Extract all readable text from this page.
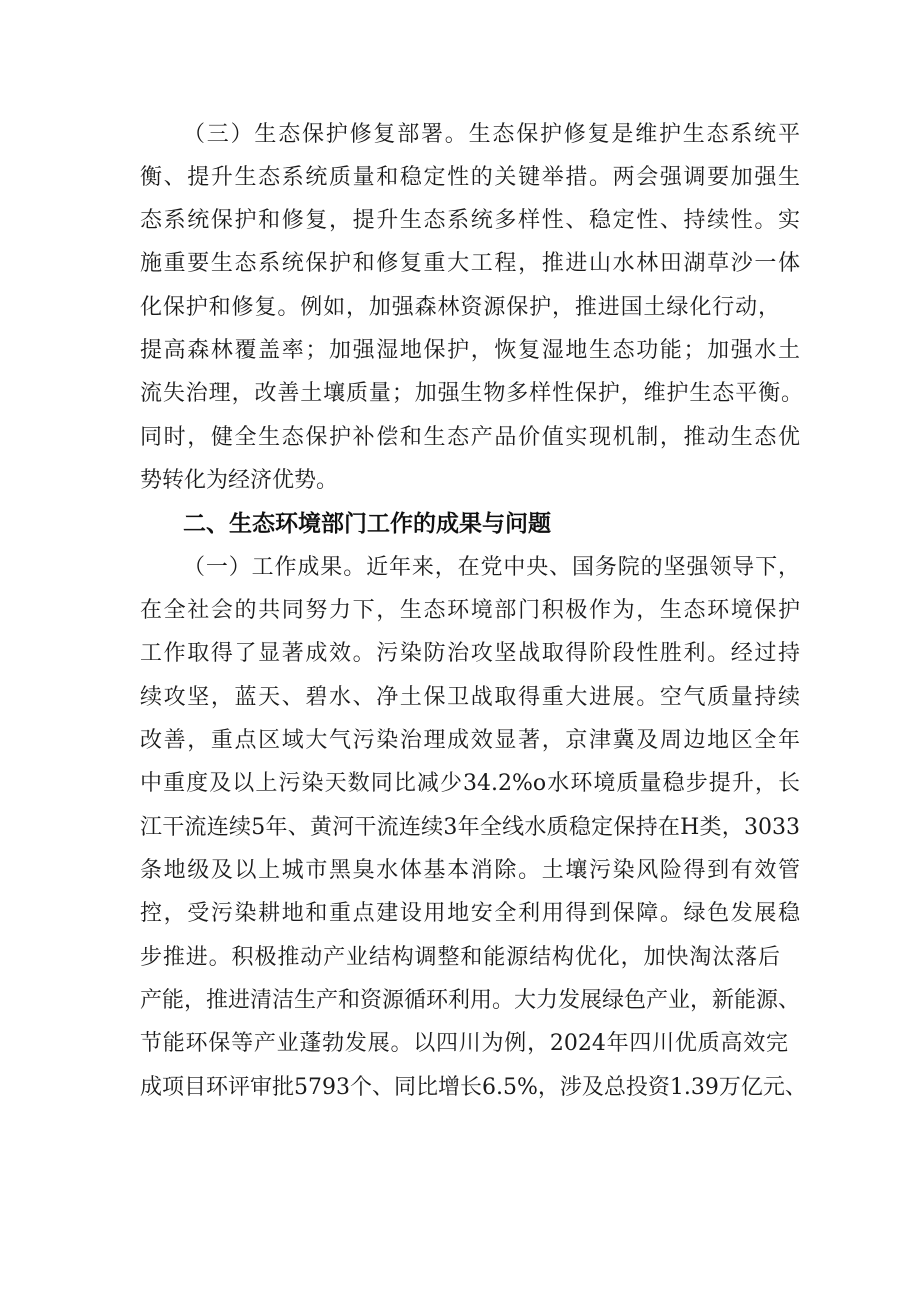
（三）生态保护修复部署。生态保护修复是维护生态系统平
衡、提升生态系统质量和稳定性的关键举措。两会强调要加强生
态系统保护和修复，提升生态系统多样性、稳定性、持续性。实
施重要生态系统保护和修复重大工程，推进山水林田湖草沙一体
化保护和修复。例如，加强森林资源保护，推进国土绿化行动，
提高森林覆盖率；加强湿地保护，恢复湿地生态功能；加强水土
流失治理，改善土壤质量；加强生物多样性保护，维护生态平衡。
同时，健全生态保护补偿和生态产品价值实现机制，推动生态优
势转化为经济优势。
二、生态环境部门工作的成果与问题
（一）工作成果。近年来，在党中央、国务院的坚强领导下，
在全社会的共同努力下，生态环境部门积极作为，生态环境保护
工作取得了显著成效。污染防治攻坚战取得阶段性胜利。经过持
续攻坚，蓝天、碧水、净土保卫战取得重大进展。空气质量持续
改善，重点区域大气污染治理成效显著，京津冀及周边地区全年
中重度及以上污染天数同比减少34.2%o水环境质量稳步提升，长
江干流连续5年、黄河干流连续3年全线水质稳定保持在H类，3033
条地级及以上城市黑臭水体基本消除。土壤污染风险得到有效管
控，受污染耕地和重点建设用地安全利用得到保障。绿色发展稳
步推进。积极推动产业结构调整和能源结构优化，加快淘汰落后
产能，推进清洁生产和资源循环利用。大力发展绿色产业，新能源、
节能环保等产业蓬勃发展。以四川为例，2024年四川优质高效完
成项目环评审批5793个、同比增长6.5%，涉及总投资1.39万亿元、
